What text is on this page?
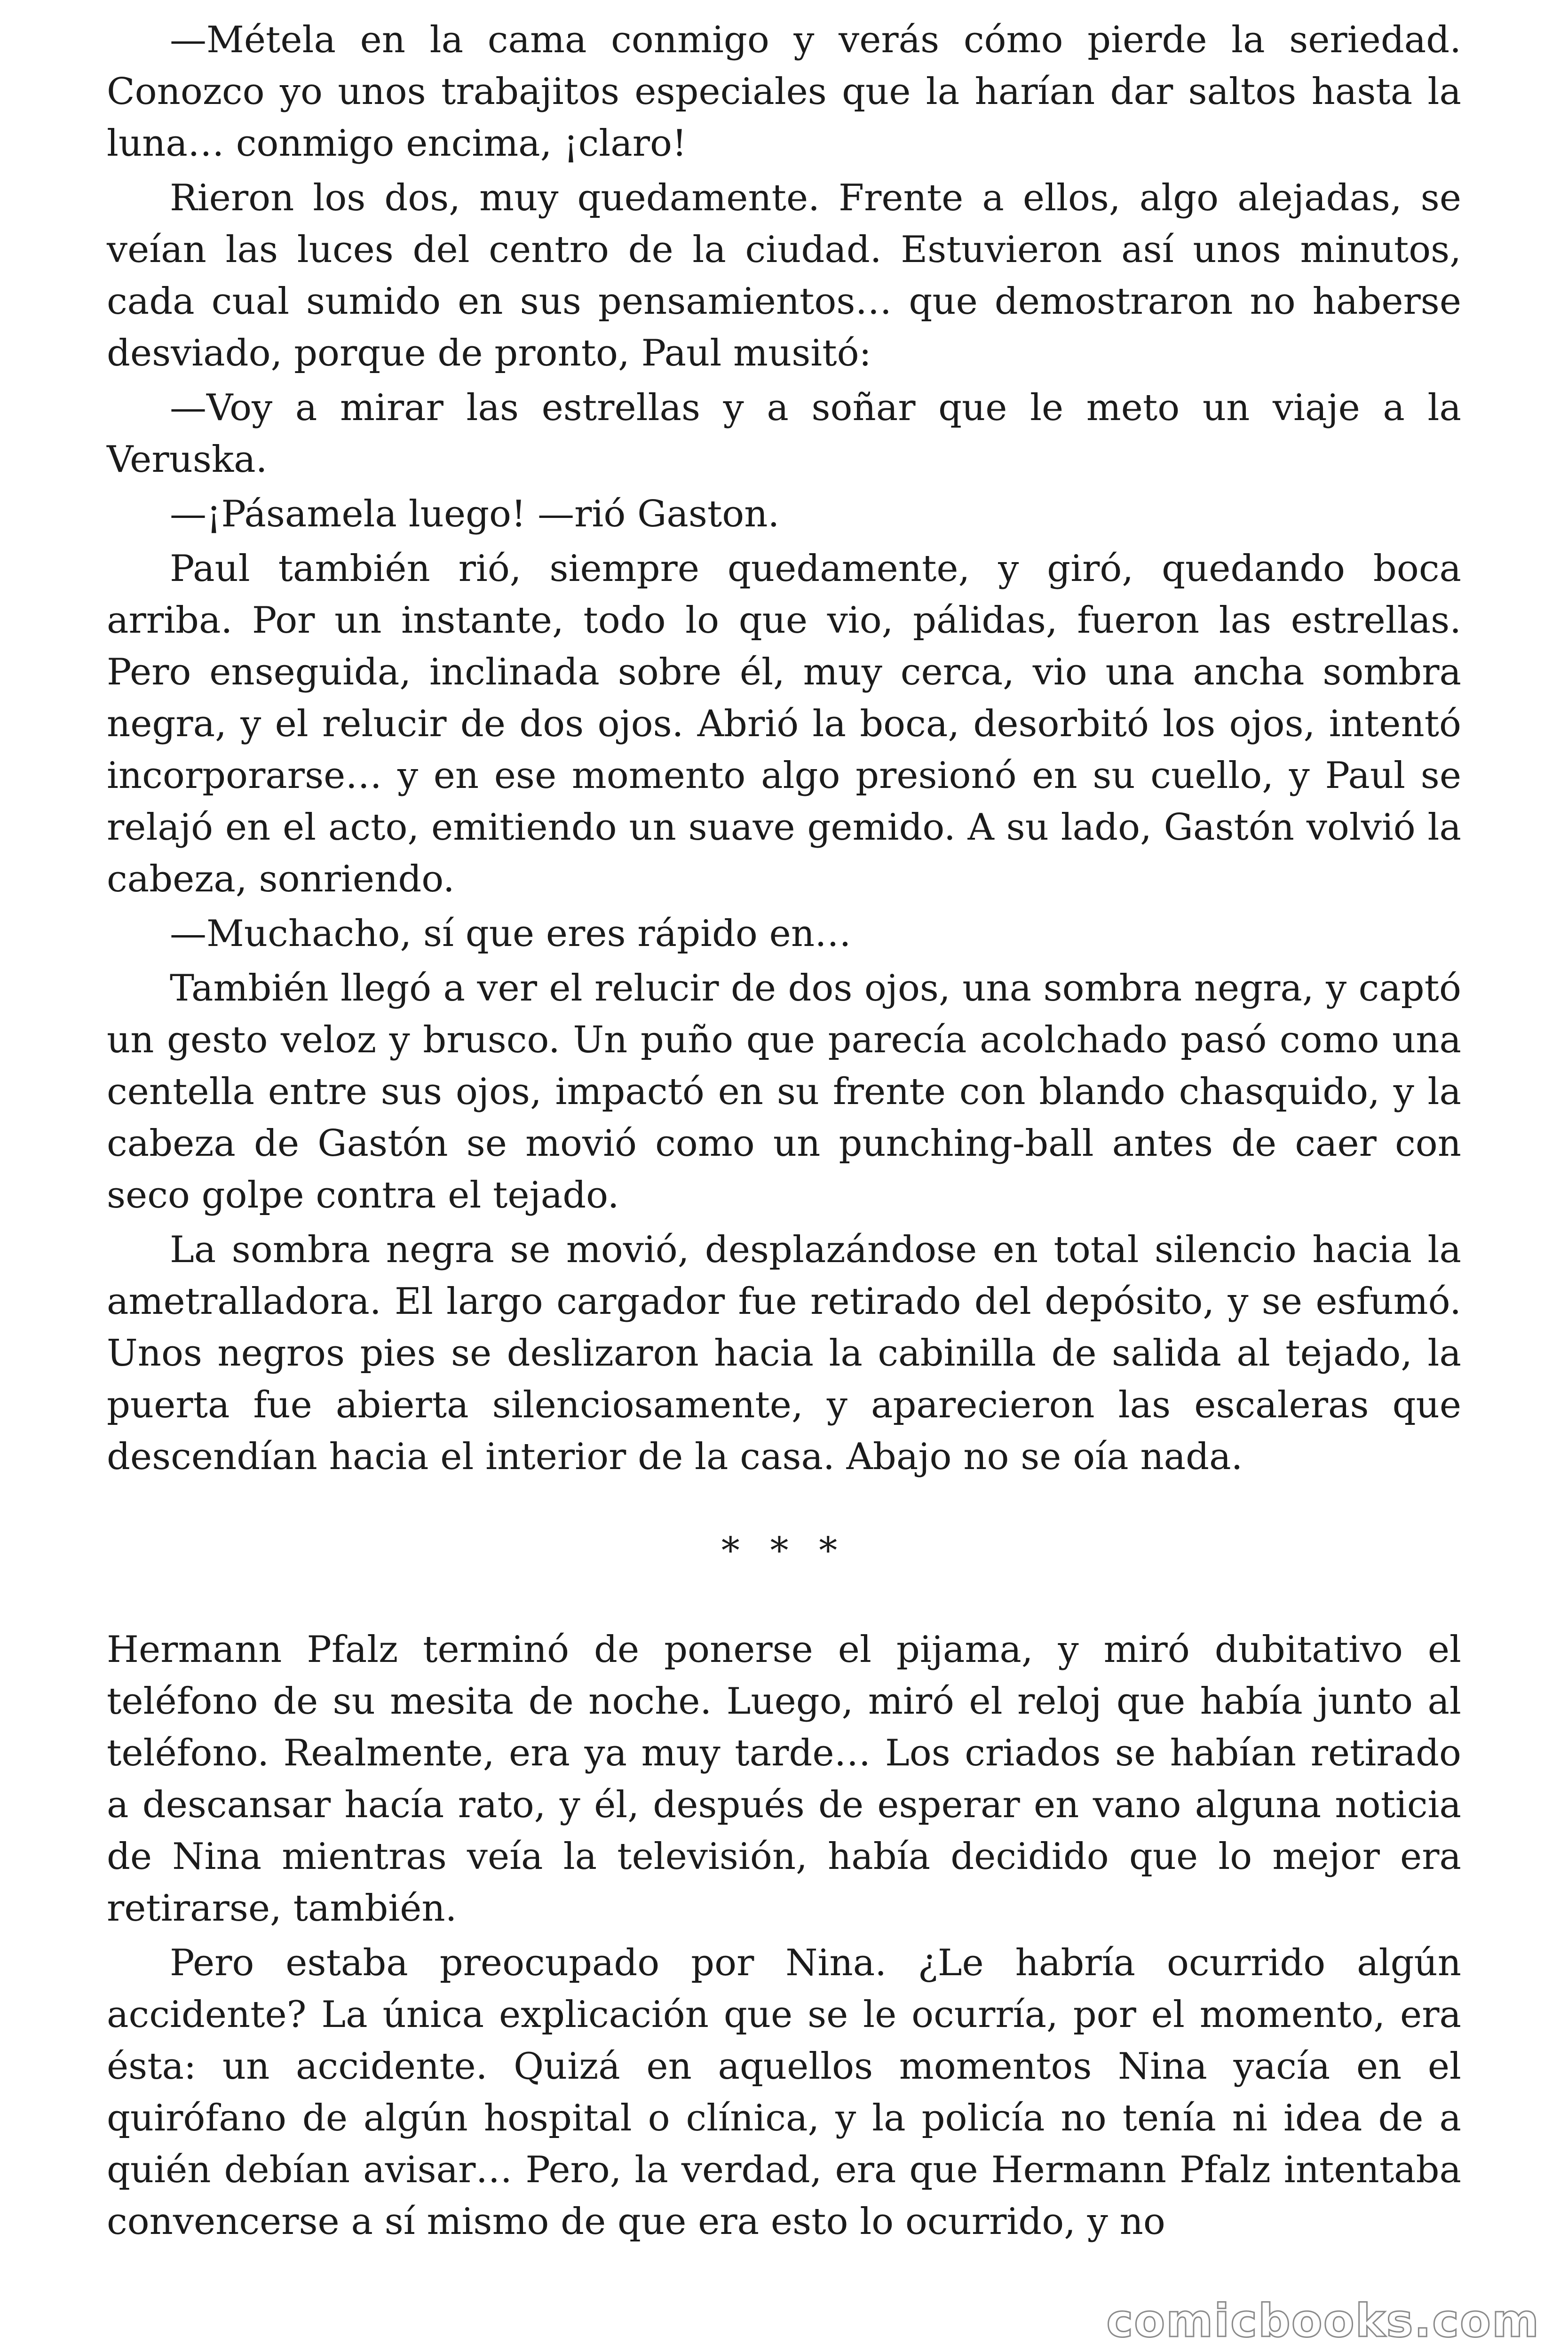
—Métela en la cama conmigo y verás cómo pierde la seriedad. Conozco yo unos trabajitos especiales que la harían dar saltos hasta la luna… conmigo encima, ¡claro!

Rieron los dos, muy quedamente. Frente a ellos, algo alejadas, se veían las luces del centro de la ciudad. Estuvieron así unos minutos, cada cual sumido en sus pensamientos… que demostraron no haberse desviado, porque de pronto, Paul musitó:

—Voy a mirar las estrellas y a soñar que le meto un viaje a la Veruska.

—¡Pásamela luego! —rió Gaston.

Paul también rió, siempre quedamente, y giró, quedando boca arriba. Por un instante, todo lo que vio, pálidas, fueron las estrellas. Pero enseguida, inclinada sobre él, muy cerca, vio una ancha sombra negra, y el relucir de dos ojos. Abrió la boca, desorbitó los ojos, intentó incorporarse… y en ese momento algo presionó en su cuello, y Paul se relajó en el acto, emitiendo un suave gemido. A su lado, Gastón volvió la cabeza, sonriendo.

—Muchacho, sí que eres rápido en…

También llegó a ver el relucir de dos ojos, una sombra negra, y captó un gesto veloz y brusco. Un puño que parecía acolchado pasó como una centella entre sus ojos, impactó en su frente con blando chasquido, y la cabeza de Gastón se movió como un punching-ball antes de caer con seco golpe contra el tejado.

La sombra negra se movió, desplazándose en total silencio hacia la ametralladora. El largo cargador fue retirado del depósito, y se esfumó. Unos negros pies se deslizaron hacia la cabinilla de salida al tejado, la puerta fue abierta silenciosamente, y aparecieron las escaleras que descendían hacia el interior de la casa. Abajo no se oía nada.

* * *

Hermann Pfalz terminó de ponerse el pijama, y miró dubitativo el teléfono de su mesita de noche. Luego, miró el reloj que había junto al teléfono. Realmente, era ya muy tarde… Los criados se habían retirado a descansar hacía rato, y él, después de esperar en vano alguna noticia de Nina mientras veía la televisión, había decidido que lo mejor era retirarse, también.

Pero estaba preocupado por Nina. ¿Le habría ocurrido algún accidente? La única explicación que se le ocurría, por el momento, era ésta: un accidente. Quizá en aquellos momentos Nina yacía en el quirófano de algún hospital o clínica, y la policía no tenía ni idea de a quién debían avisar… Pero, la verdad, era que Hermann Pfalz intentaba convencerse a sí mismo de que era esto lo ocurrido, y no

comicbooks.com
